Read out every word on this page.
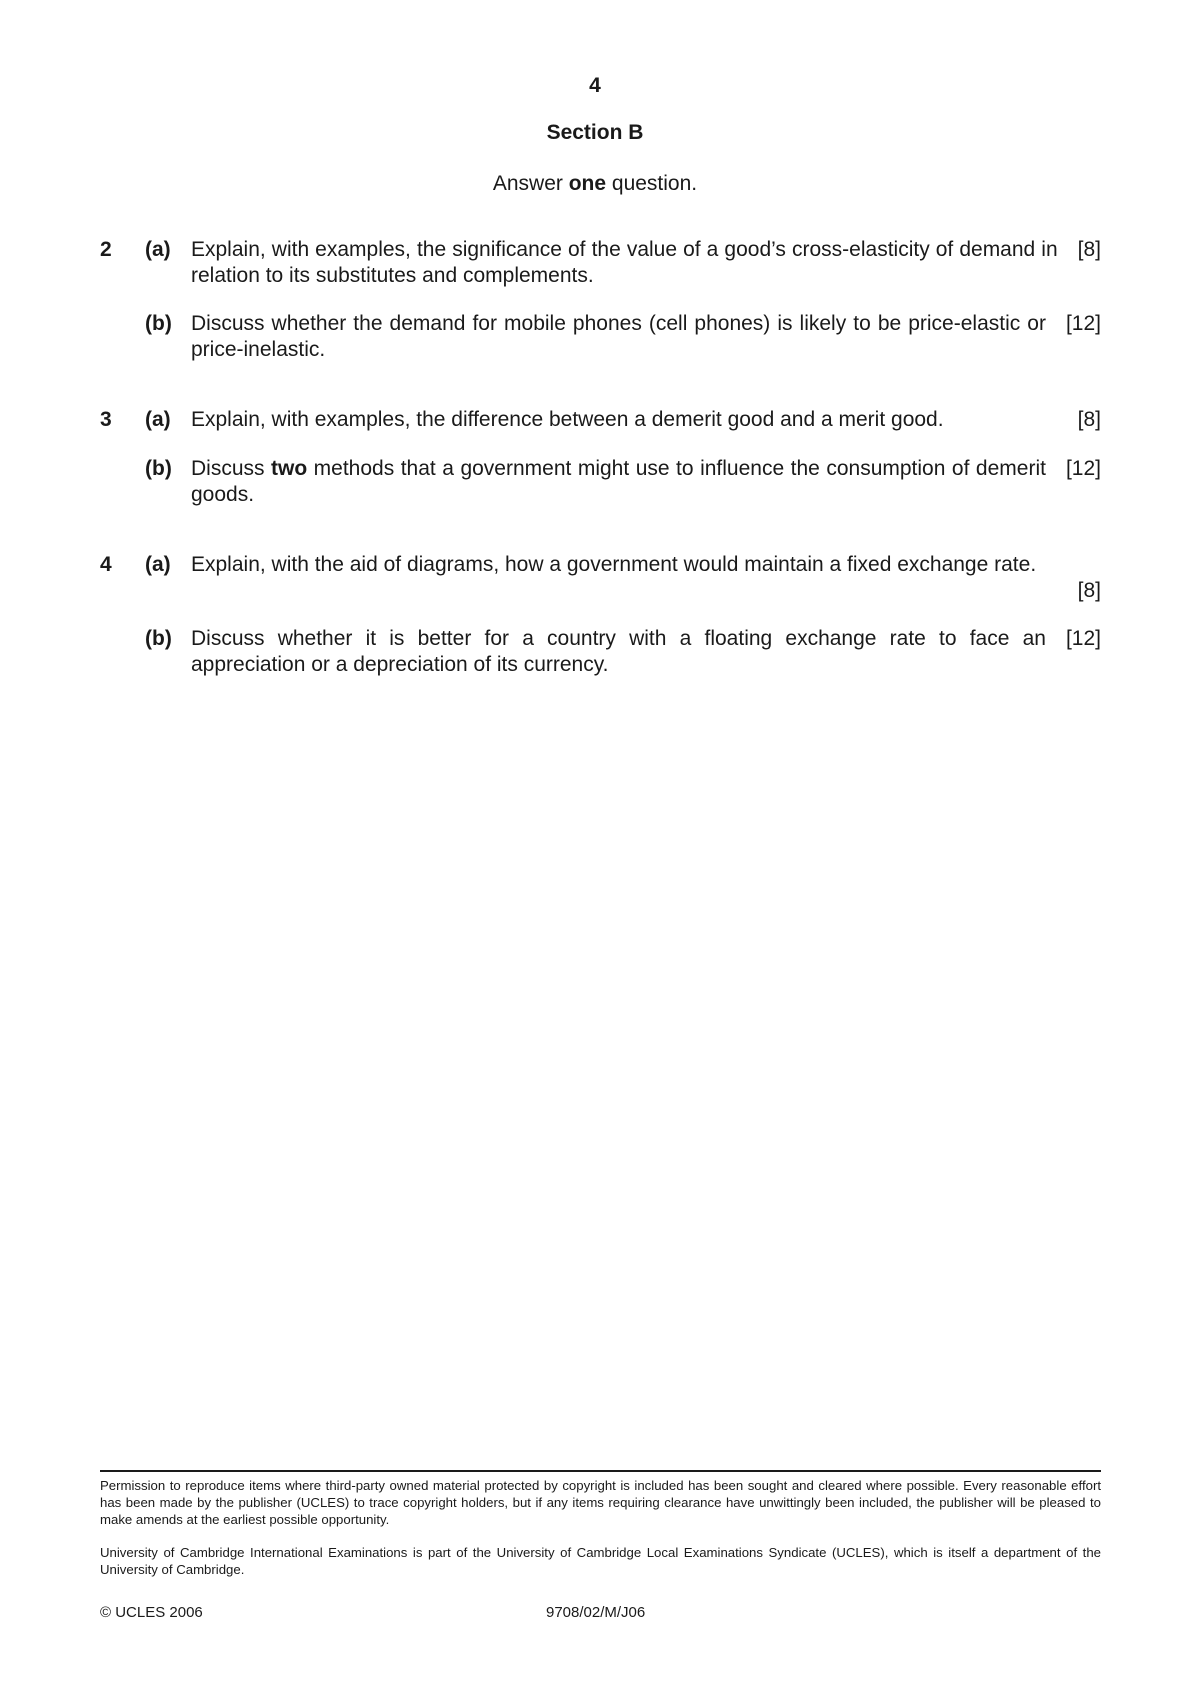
4
Section B
Answer one question.
2 (a)	[8]
Explain, with examples, the significance of the value of a good’s cross-elasticity of demand in relation to its substitutes and complements.
(b)	[12]
Discuss whether the demand for mobile phones (cell phones) is likely to be price-elastic or price-inelastic.
3 (a)	[8]
Explain, with examples, the difference between a demerit good and a merit good.
(b)	[12]
Discuss two methods that a government might use to influence the consumption of demerit goods.
4 (a) Explain, with the aid of diagrams, how a government would maintain a fixed exchange rate.
[8]
(b)	[12]
Discuss whether it is better for a country with a floating exchange rate to face an appreciation or a depreciation of its currency.
Permission to reproduce items where third-party owned material protected by copyright is included has been sought and cleared where possible. Every reasonable effort has been made by the publisher (UCLES) to trace copyright holders, but if any items requiring clearance have unwittingly been included, the publisher will be pleased to make amends at the earliest possible opportunity.
University of Cambridge International Examinations is part of the University of Cambridge Local Examinations Syndicate (UCLES), which is itself a department of the University of Cambridge.
© UCLES 2006	9708/02/M/J06
